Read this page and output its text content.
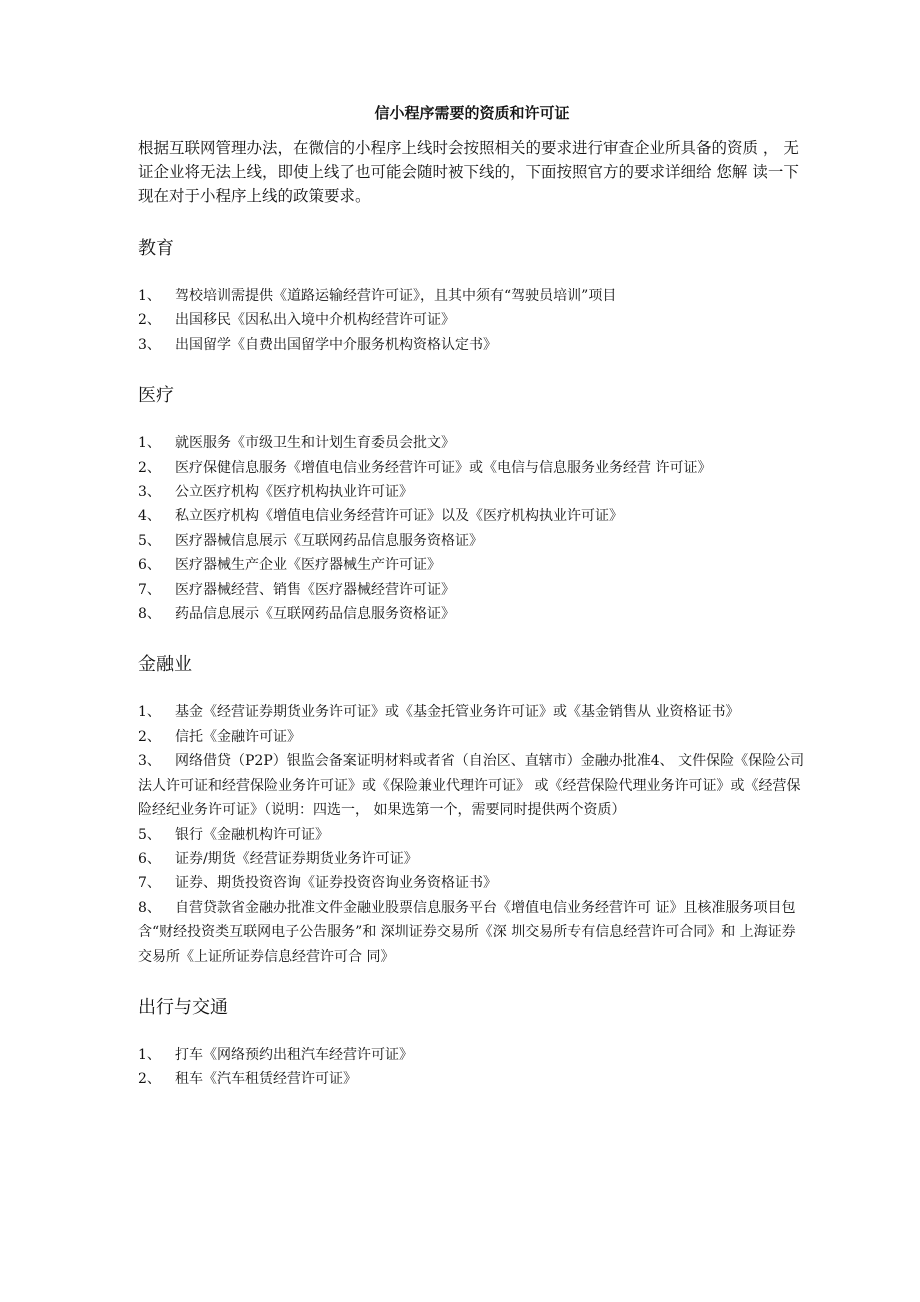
信小程序需要的资质和许可证

根据互联网管理办法，在微信的小程序上线时会按照相关的要求进行审查企业所具备的资质 ， 无证企业将无法上线，即使上线了也可能会随时被下线的，下面按照官方的要求详细给 您解 读一下现在对于小程序上线的政策要求。

教育
1、 驾校培训需提供《道路运输经营许可证》，且其中须有“驾驶员培训”项目
2、 出国移民《因私出入境中介机构经营许可证》
3、 出国留学《自费出国留学中介服务机构资格认定书》
医疗
1、 就医服务《市级卫生和计划生育委员会批文》
2、 医疗保健信息服务《增值电信业务经营许可证》或《电信与信息服务业务经营 许可证》
3、 公立医疗机构《医疗机构执业许可证》
4、 私立医疗机构《增值电信业务经营许可证》以及《医疗机构执业许可证》
5、 医疗器械信息展示《互联网药品信息服务资格证》
6、 医疗器械生产企业《医疗器械生产许可证》
7、 医疗器械经营、销售《医疗器械经营许可证》
8、 药品信息展示《互联网药品信息服务资格证》
金融业
1、 基金《经营证券期货业务许可证》或《基金托管业务许可证》或《基金销售从 业资格证书》
2、 信托《金融许可证》
3、 网络借贷（P2P）银监会备案证明材料或者省（自治区、直辖市）金融办批准4、 文件保险《保险公司法人许可证和经营保险业务许可证》或《保险兼业代理许可证》 或《经营保险代理业务许可证》或《经营保险经纪业务许可证》（说明：四选一， 如果选第一个，需要同时提供两个资质）
5、 银行《金融机构许可证》
6、 证券/期货《经营证券期货业务许可证》
7、 证券、期货投资咨询《证券投资咨询业务资格证书》
8、 自营贷款省金融办批准文件金融业股票信息服务平台《增值电信业务经营许可 证》且核准服务项目包含“财经投资类互联网电子公告服务”和 深圳证券交易所《深 圳交易所专有信息经营许可合同》和 上海证券交易所《上证所证券信息经营许可合 同》
出行与交通
1、 打车《网络预约出租汽车经营许可证》
2、 租车《汽车租赁经营许可证》
